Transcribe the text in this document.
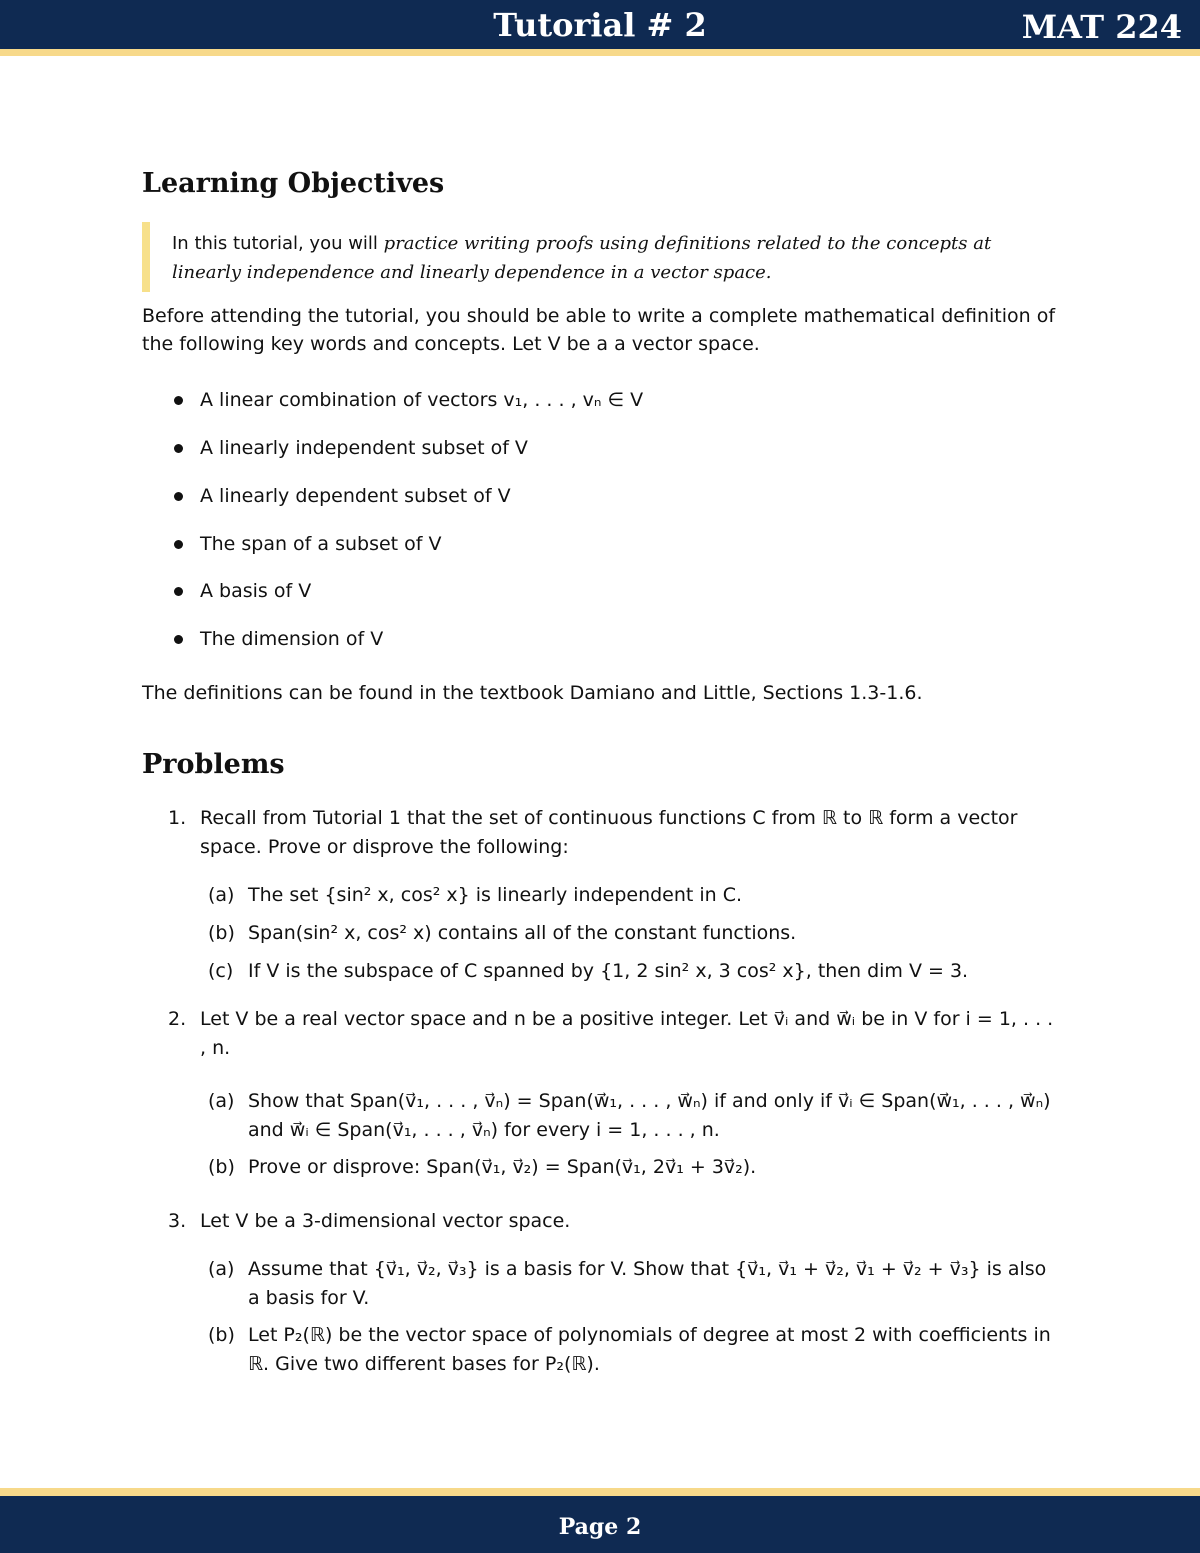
Tutorial # 2	MAT 224
Learning Objectives
In this tutorial, you will practice writing proofs using definitions related to the concepts at linearly independence and linearly dependence in a vector space.
Before attending the tutorial, you should be able to write a complete mathematical definition of the following key words and concepts. Let V be a a vector space.
A linear combination of vectors v₁, . . . , vₙ ∈ V
A linearly independent subset of V
A linearly dependent subset of V
The span of a subset of V
A basis of V
The dimension of V
The definitions can be found in the textbook Damiano and Little, Sections 1.3-1.6.
Problems
1. Recall from Tutorial 1 that the set of continuous functions C from ℝ to ℝ form a vector space. Prove or disprove the following:
(a) The set {sin² x, cos² x} is linearly independent in C.
(b) Span(sin² x, cos² x) contains all of the constant functions.
(c) If V is the subspace of C spanned by {1, 2 sin² x, 3 cos² x}, then dim V = 3.
2. Let V be a real vector space and n be a positive integer. Let v⃗ᵢ and w⃗ᵢ be in V for i = 1, . . . , n.
(a) Show that Span(v⃗₁, . . . , v⃗ₙ) = Span(w⃗₁, . . . , w⃗ₙ) if and only if v⃗ᵢ ∈ Span(w⃗₁, . . . , w⃗ₙ) and w⃗ᵢ ∈ Span(v⃗₁, . . . , v⃗ₙ) for every i = 1, . . . , n.
(b) Prove or disprove: Span(v⃗₁, v⃗₂) = Span(v⃗₁, 2v⃗₁ + 3v⃗₂).
3. Let V be a 3-dimensional vector space.
(a) Assume that {v⃗₁, v⃗₂, v⃗₃} is a basis for V. Show that {v⃗₁, v⃗₁ + v⃗₂, v⃗₁ + v⃗₂ + v⃗₃} is also a basis for V.
(b) Let P₂(ℝ) be the vector space of polynomials of degree at most 2 with coefficients in ℝ. Give two different bases for P₂(ℝ).
Page 2
